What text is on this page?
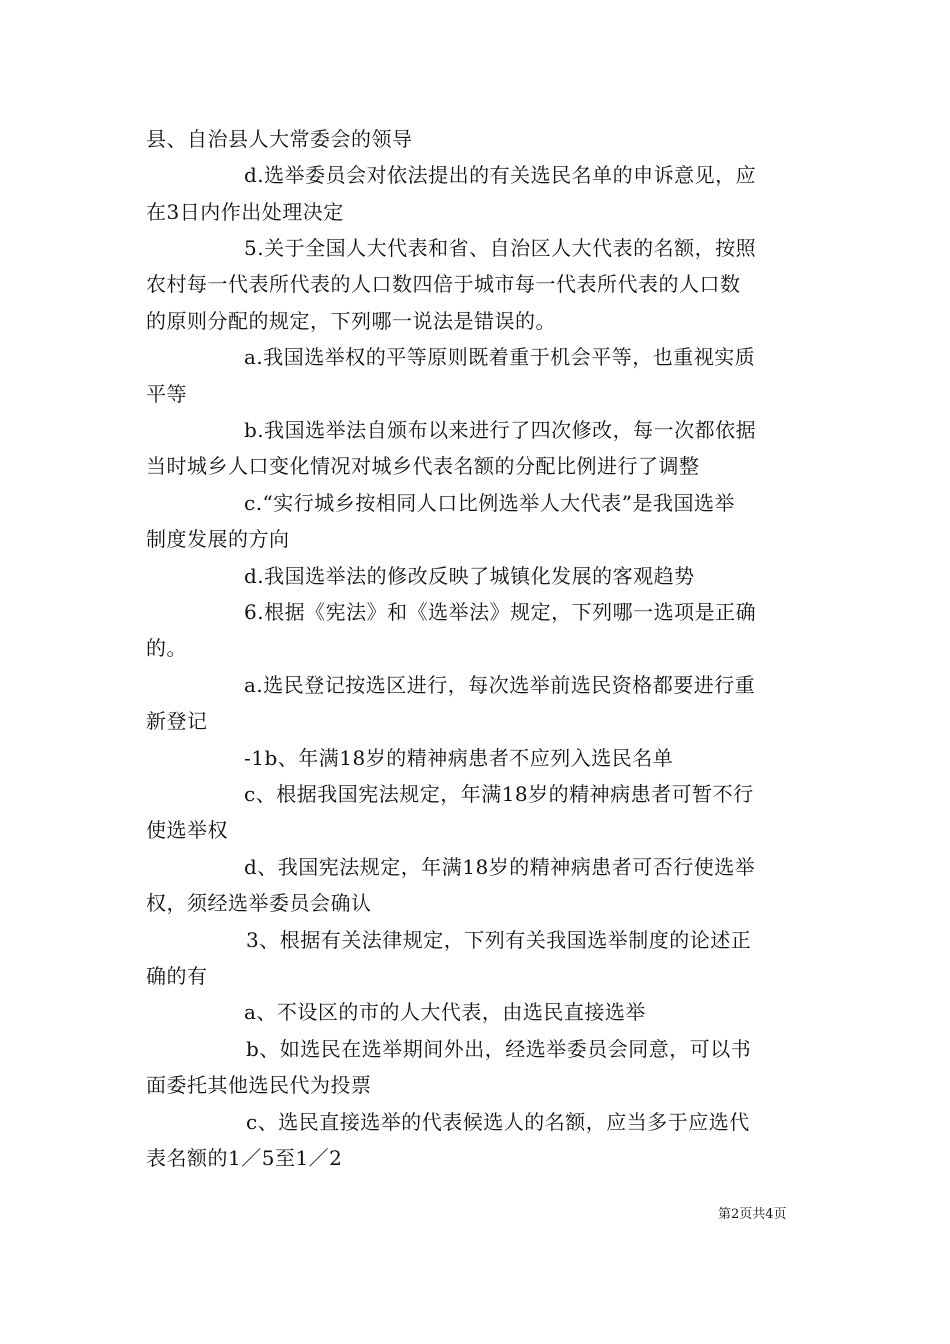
县、自治县人大常委会的领导
d.选举委员会对依法提出的有关选民名单的申诉意见，应
在3日内作出处理决定
5.关于全国人大代表和省、自治区人大代表的名额，按照
农村每一代表所代表的人口数四倍于城市每一代表所代表的人口数
的原则分配的规定，下列哪一说法是错误的。
a.我国选举权的平等原则既着重于机会平等，也重视实质
平等
b.我国选举法自颁布以来进行了四次修改，每一次都依据
当时城乡人口变化情况对城乡代表名额的分配比例进行了调整
c.“实行城乡按相同人口比例选举人大代表”是我国选举
制度发展的方向
d.我国选举法的修改反映了城镇化发展的客观趋势
6.根据《宪法》和《选举法》规定，下列哪一选项是正确
的。
a.选民登记按选区进行，每次选举前选民资格都要进行重
新登记
-1b、年满18岁的精神病患者不应列入选民名单
c、根据我国宪法规定，年满18岁的精神病患者可暂不行
使选举权
d、我国宪法规定，年满18岁的精神病患者可否行使选举
权，须经选举委员会确认
3、根据有关法律规定，下列有关我国选举制度的论述正
确的有
a、不设区的市的人大代表，由选民直接选举
b、如选民在选举期间外出，经选举委员会同意，可以书
面委托其他选民代为投票
c、选民直接选举的代表候选人的名额，应当多于应选代
表名额的1／5至1／2
第2页共4页
